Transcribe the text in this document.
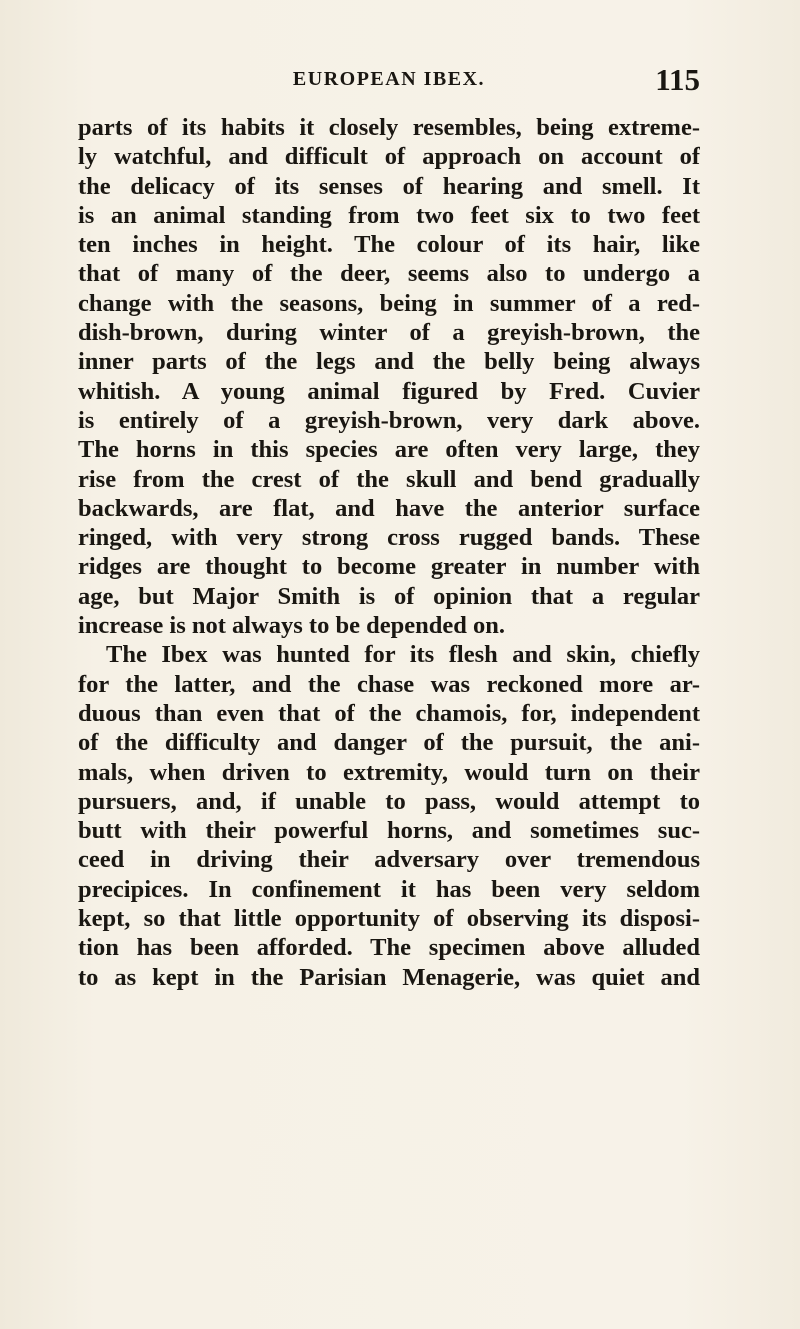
EUROPEAN IBEX.	115
parts of its habits it closely resembles, being extreme-
ly watchful, and difficult of approach on account of
the delicacy of its senses of hearing and smell. It
is an animal standing from two feet six to two feet
ten inches in height. The colour of its hair, like
that of many of the deer, seems also to undergo a
change with the seasons, being in summer of a red-
dish-brown, during winter of a greyish-brown, the
inner parts of the legs and the belly being always
whitish. A young animal figured by Fred. Cuvier
is entirely of a greyish-brown, very dark above.
The horns in this species are often very large, they
rise from the crest of the skull and bend gradually
backwards, are flat, and have the anterior surface
ringed, with very strong cross rugged bands. These
ridges are thought to become greater in number with
age, but Major Smith is of opinion that a regular
increase is not always to be depended on.
The Ibex was hunted for its flesh and skin, chiefly
for the latter, and the chase was reckoned more ar-
duous than even that of the chamois, for, independent
of the difficulty and danger of the pursuit, the ani-
mals, when driven to extremity, would turn on their
pursuers, and, if unable to pass, would attempt to
butt with their powerful horns, and sometimes suc-
ceed in driving their adversary over tremendous
precipices. In confinement it has been very seldom
kept, so that little opportunity of observing its disposi-
tion has been afforded. The specimen above alluded
to as kept in the Parisian Menagerie, was quiet and
